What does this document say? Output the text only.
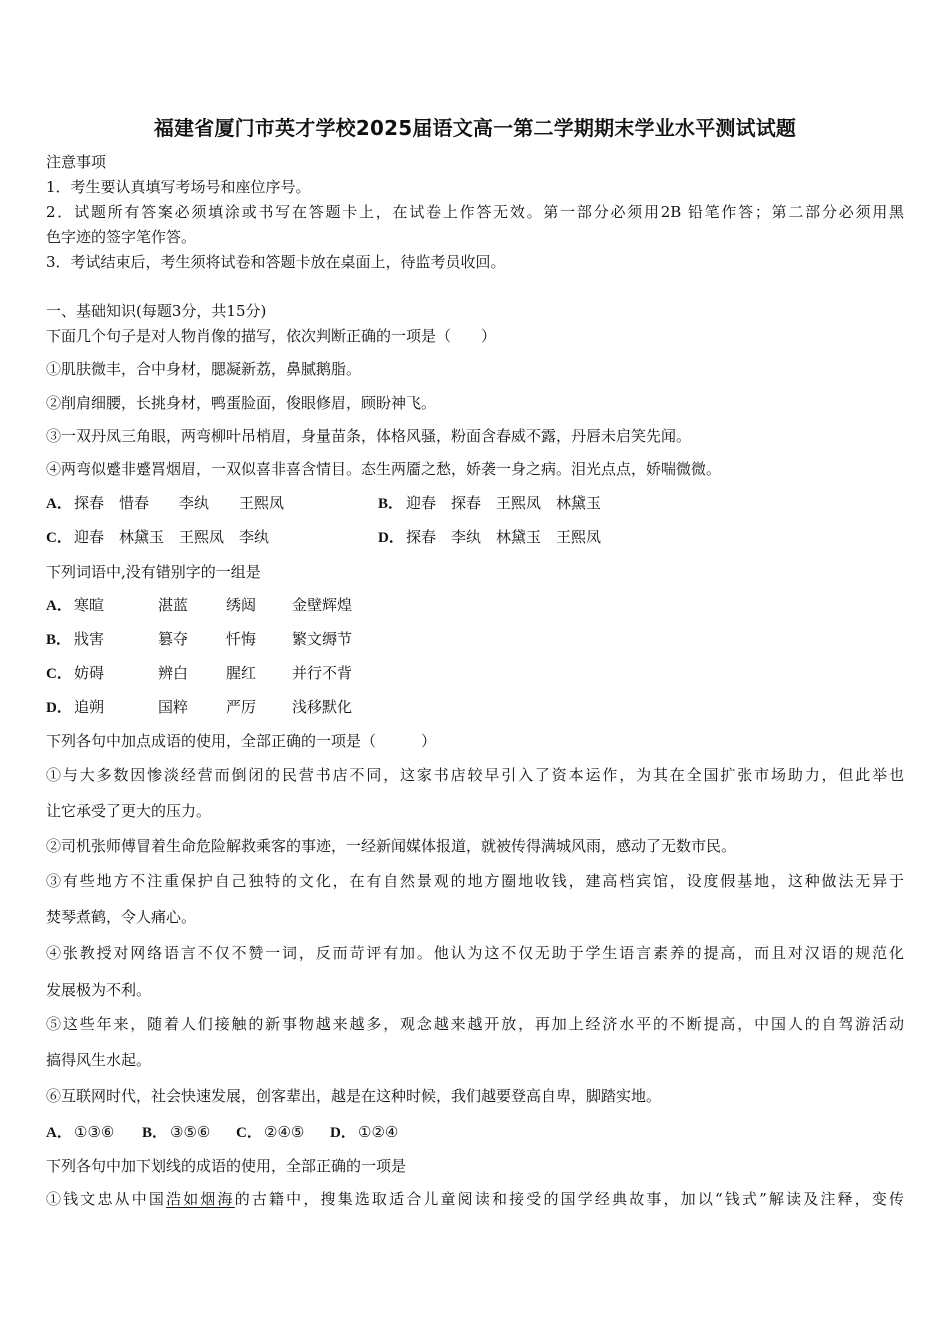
福建省厦门市英才学校2025届语文高一第二学期期末学业水平测试试题
注意事项
1．考生要认真填写考场号和座位序号。
2．试题所有答案必须填涂或书写在答题卡上，在试卷上作答无效。第一部分必须用2B 铅笔作答；第二部分必须用黑
色字迹的签字笔作答。
3．考试结束后，考生须将试卷和答题卡放在桌面上，待监考员收回。
一、基础知识(每题3分，共15分)
下面几个句子是对人物肖像的描写，依次判断正确的一项是（　　）
①肌肤微丰，合中身材，腮凝新荔，鼻腻鹅脂。
②削肩细腰，长挑身材，鸭蛋脸面，俊眼修眉，顾盼神飞。
③一双丹凤三角眼，两弯柳叶吊梢眉，身量苗条，体格风骚，粉面含春威不露，丹唇未启笑先闻。
④两弯似蹙非蹙罥烟眉，一双似喜非喜含情目。态生两靥之愁，娇袭一身之病。泪光点点，娇喘微微。
A． 探春　惜春　　李纨　　王熙凤	B． 迎春　探春　王熙凤　林黛玉
C． 迎春　林黛玉　王熙凤　李纨	D． 探春　李纨　林黛玉　王熙凤
下列词语中,没有错别字的一组是
A． 寒暄	湛蓝	绣闼 金壁辉煌
B． 戕害	篡夺	忏悔 繁文缛节
C． 妨碍	辨白	腥红 并行不背
D． 追朔	国粹	严厉 浅移默化
下列各句中加点成语的使用，全部正确的一项是（　　　）
①与大多数因惨淡经营而倒闭的民营书店不同，这家书店较早引入了资本运作，为其在全国扩张市场助力，但此举也
让它承受了更大的压力。
②司机张师傅冒着生命危险解救乘客的事迹，一经新闻媒体报道，就被传得满城风雨，感动了无数市民。
③有些地方不注重保护自己独特的文化，在有自然景观的地方圈地收钱，建高档宾馆，设度假基地，这种做法无异于
焚琴煮鹤，令人痛心。
④张教授对网络语言不仅不赞一词，反而苛评有加。他认为这不仅无助于学生语言素养的提高，而且对汉语的规范化
发展极为不利。
⑤这些年来，随着人们接触的新事物越来越多，观念越来越开放，再加上经济水平的不断提高，中国人的自驾游活动
搞得风生水起。
⑥互联网时代，社会快速发展，创客辈出，越是在这种时候，我们越要登高自卑，脚踏实地。
A． ①③⑥ B． ③⑤⑥ C． ②④⑤ D． ①②④
下列各句中加下划线的成语的使用，全部正确的一项是
①钱文忠从中国浩如烟海的古籍中，搜集选取适合儿童阅读和接受的国学经典故事，加以“钱式”解读及注释，变传
